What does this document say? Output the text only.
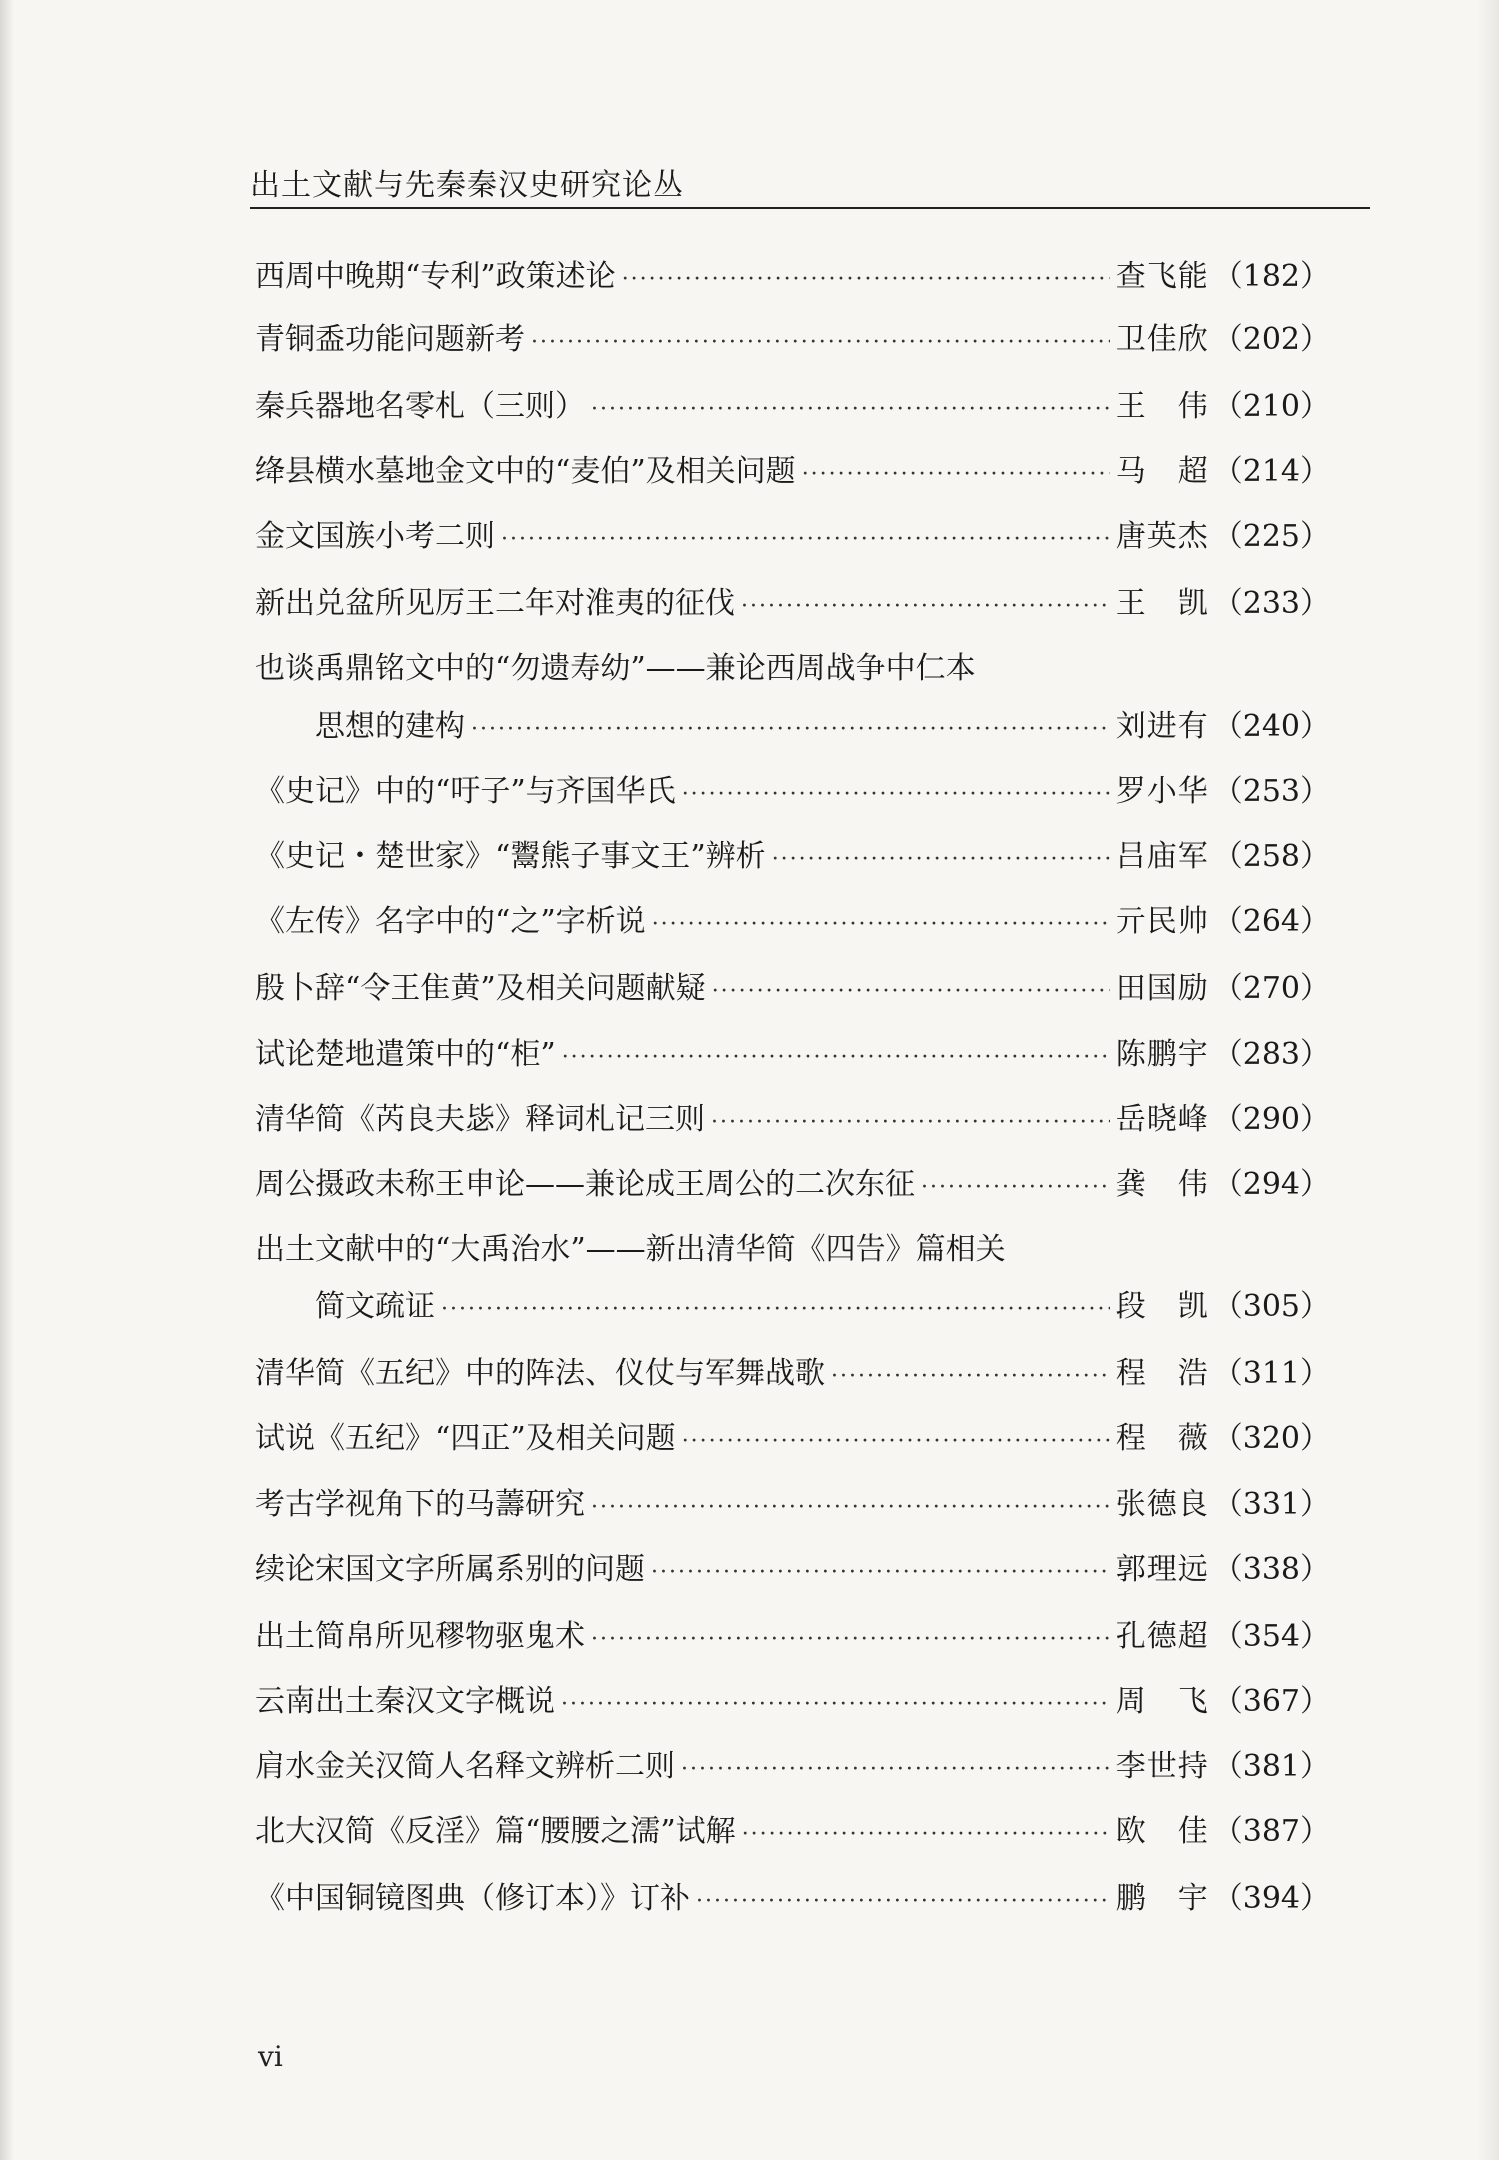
出土文献与先秦秦汉史研究论丛
西周中晚期“专利”政策述论 ·····	查飞能 （182）
青铜盉功能问题新考 ·····	卫佳欣 （202）
秦兵器地名零札（三则） ·····	王　伟 （210）
绛县横水墓地金文中的“麦伯”及相关问题 ·····	马　超 （214）
金文国族小考二则 ·····	唐英杰 （225）
新出兑盆所见厉王二年对淮夷的征伐 ·····	王　凯 （233）
也谈禹鼎铭文中的“勿遗寿幼”——兼论西周战争中仁本
思想的建构 ·····	刘进有 （240）
《史记》中的“吁子”与齐国华氏 ·····	罗小华 （253）
《史记・楚世家》“鬻熊子事文王”辨析 ·····	吕庙军 （258）
《左传》名字中的“之”字析说 ·····	亓民帅 （264）
殷卜辞“令王隹黄”及相关问题献疑 ·····	田国励 （270）
试论楚地遣策中的“柜” ·····	陈鹏宇 （283）
清华简《芮良夫毖》释词札记三则 ·····	岳晓峰 （290）
周公摄政未称王申论——兼论成王周公的二次东征 ·····	龚　伟 （294）
出土文献中的“大禹治水”——新出清华简《四告》篇相关
简文疏证 ·····	段　凯 （305）
清华简《五纪》中的阵法、仪仗与军舞战歌 ·····	程　浩 （311）
试说《五纪》“四正”及相关问题 ·····	程　薇 （320）
考古学视角下的马薵研究 ·····	张德良 （331）
续论宋国文字所属系别的问题 ·····	郭理远 （338）
出土简帛所见穋物驱鬼术 ·····	孔德超 （354）
云南出土秦汉文字概说 ·····	周　飞 （367）
肩水金关汉简人名释文辨析二则 ·····	李世持 （381）
北大汉简《反淫》篇“腰腰之濡”试解 ·····	欧　佳 （387）
《中国铜镜图典（修订本）》订补 ·····	鹏　宇 （394）
vi
